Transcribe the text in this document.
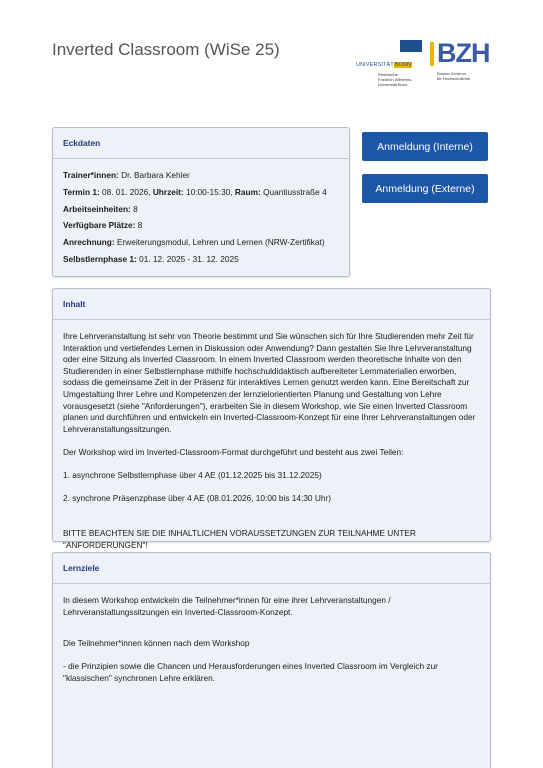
Inverted Classroom (WiSe 25)
UNIVERSITÄTBONN
Rheinische
Friedrich-Wilhelms-
Universität Bonn
BZH
Bonner Zentrum
für Hochschullehre
Eckdaten
Trainer*innen: Dr. Barbara Kehler
Termin 1: 08. 01. 2026, Uhrzeit: 10:00-15:30, Raum: Quantiusstraße 4
Arbeitseinheiten: 8
Verfügbare Plätze: 8
Anrechnung: Erweiterungsmodul, Lehren und Lernen (NRW-Zertifikat)
Selbstlernphase 1: 01. 12. 2025 - 31. 12. 2025
Anmeldung (Interne)
Anmeldung (Externe)
Inhalt
Ihre Lehrveranstaltung ist sehr von Theorie bestimmt und Sie wünschen sich für Ihre Studierenden mehr Zeit für Interaktion und vertiefendes Lernen in Diskussion oder Anwendung? Dann gestalten Sie Ihre Lehrveranstaltung oder eine Sitzung als Inverted Classroom. In einem Inverted Classroom werden theoretische Inhalte von den Studierenden in einer Selbstlernphase mithilfe hochschuldidaktisch aufbereiteter Lernmaterialien erworben, sodass die gemeinsame Zeit in der Präsenz für interaktives Lernen genutzt werden kann. Eine Bereitschaft zur Umgestaltung Ihrer Lehre und Kompetenzen der lernzielorientierten Planung und Gestaltung von Lehre vorausgesetzt (siehe "Anforderungen"), erarbeiten Sie in diesem Workshop, wie Sie einen Inverted Classroom planen und durchführen und entwickeln ein Inverted-Classroom-Konzept für eine Ihrer Lehrveranstaltungen oder Lehrveranstaltungssitzungen.
Der Workshop wird im Inverted-Classroom-Format durchgeführt und besteht aus zwei Teilen:
1. asynchrone Selbstlernphase über 4 AE (01.12.2025 bis 31.12.2025)
2. synchrone Präsenzphase über 4 AE (08.01.2026, 10:00 bis 14:30 Uhr)
BITTE BEACHTEN SIE DIE INHALTLICHEN VORAUSSETZUNGEN ZUR TEILNAHME UNTER "ANFORDERUNGEN"!
Lernziele
In diesem Workshop entwickeln die Teilnehmer*innen für eine ihrer Lehrveranstaltungen / Lehrveranstaltungssitzungen ein Inverted-Classroom-Konzept.
Die Teilnehmer*innen können nach dem Workshop
- die Prinzipien sowie die Chancen und Herausforderungen eines Inverted Classroom im Vergleich zur "klassischen" synchronen Lehre erklären.
